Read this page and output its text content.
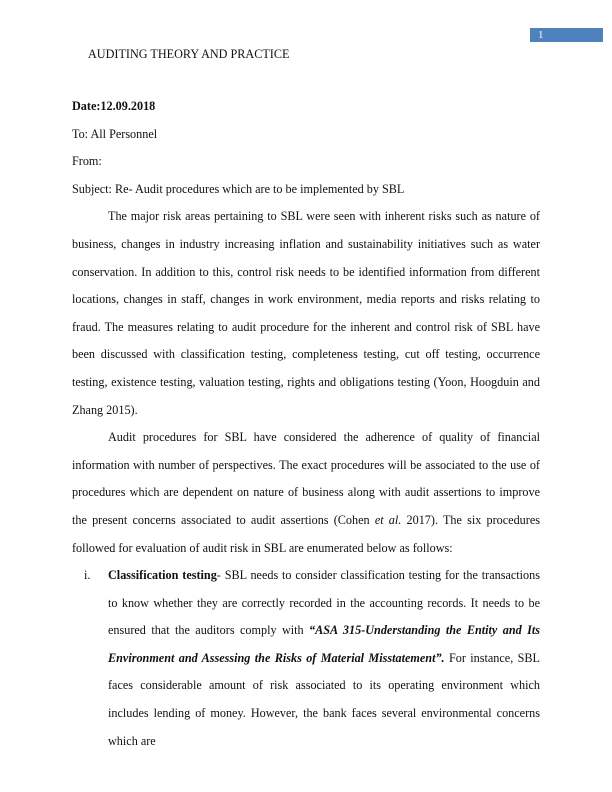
1
AUDITING THEORY AND PRACTICE

Date:12.09.2018

To: All Personnel

From:

Subject: Re- Audit procedures which are to be implemented by SBL

The major risk areas pertaining to SBL were seen with inherent risks such as nature of business, changes in industry increasing inflation and sustainability initiatives such as water conservation. In addition to this, control risk needs to be identified information from different locations, changes in staff, changes in work environment, media reports and risks relating to fraud. The measures relating to audit procedure for the inherent and control risk of SBL have been discussed with classification testing, completeness testing, cut off testing, occurrence testing, existence testing, valuation testing, rights and obligations testing (Yoon, Hoogduin and Zhang 2015).

Audit procedures for SBL have considered the adherence of quality of financial information with number of perspectives. The exact procedures will be associated to the use of procedures which are dependent on nature of business along with audit assertions to improve the present concerns associated to audit assertions (Cohen et al. 2017). The six procedures followed for evaluation of audit risk in SBL are enumerated below as follows:

i. Classification testing- SBL needs to consider classification testing for the transactions to know whether they are correctly recorded in the accounting records. It needs to be ensured that the auditors comply with “ASA 315-Understanding the Entity and Its Environment and Assessing the Risks of Material Misstatement”. For instance, SBL faces considerable amount of risk associated to its operating environment which includes lending of money. However, the bank faces several environmental concerns which are
